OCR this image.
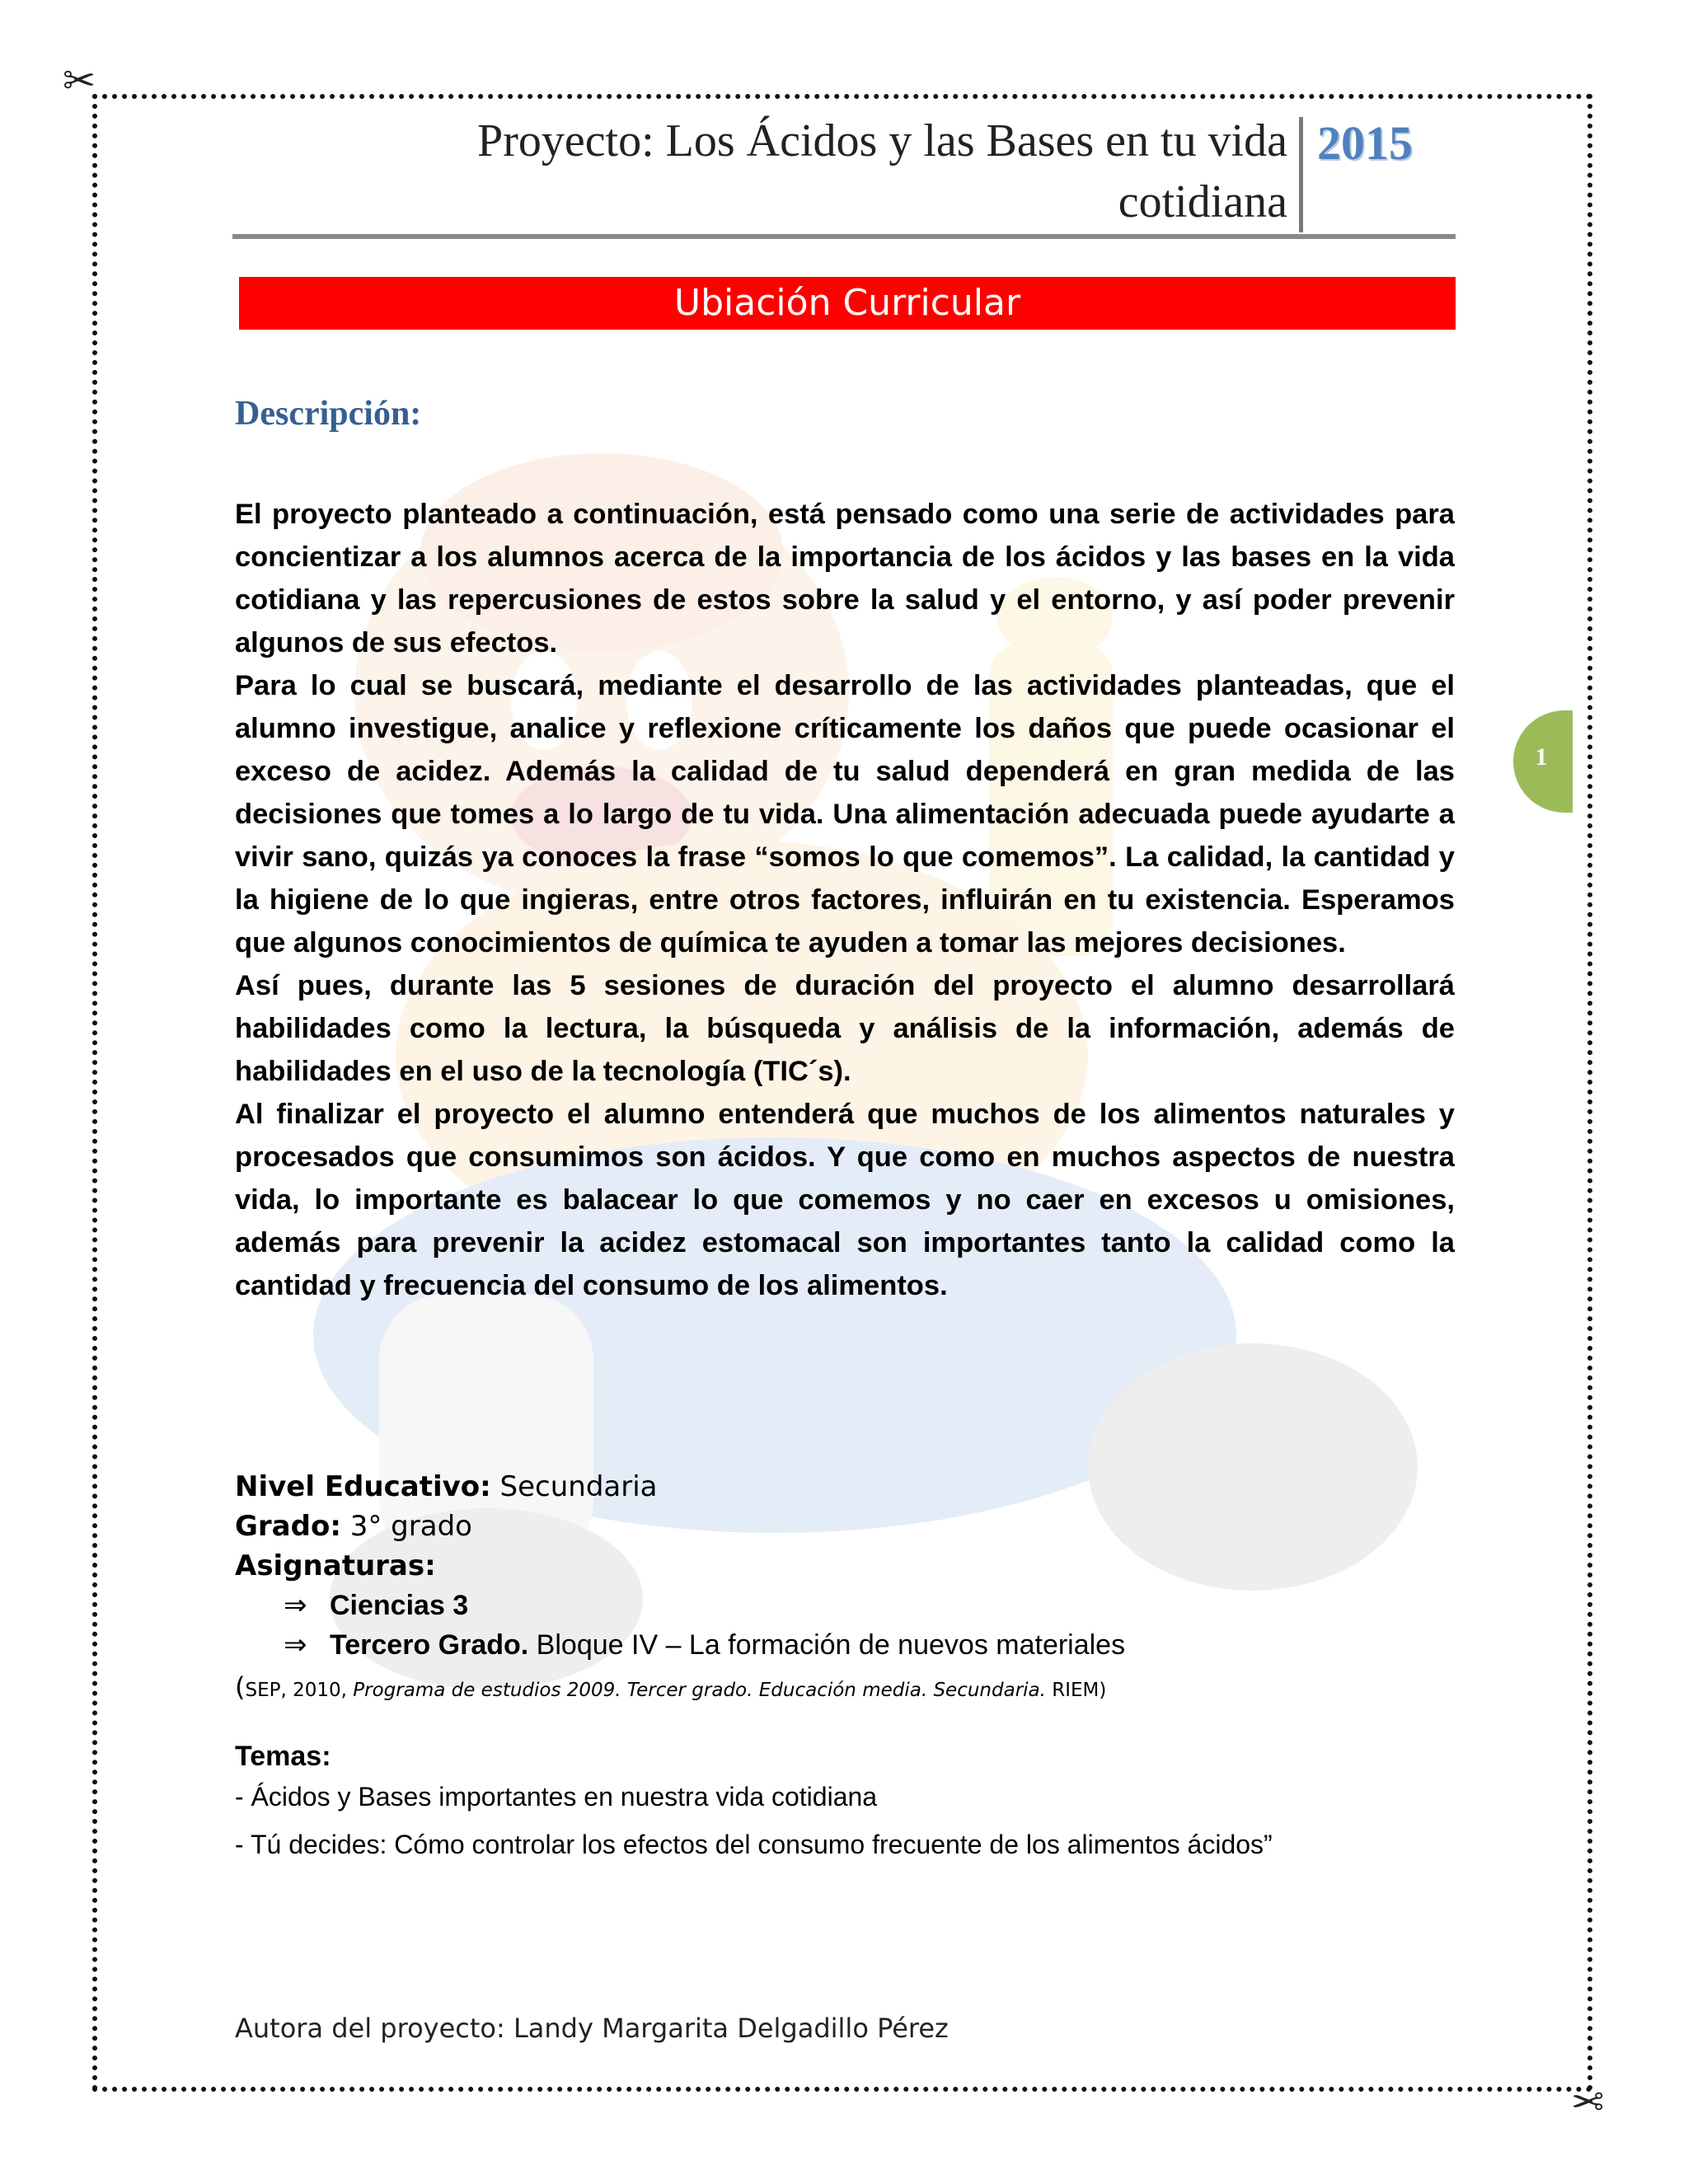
✂
✂
Proyecto: Los Ácidos y las Bases en tu vida
cotidiana
2015
Ubiación Curricular
1
Descripción:

El proyecto planteado a continuación, está pensado como una serie de actividades para concientizar a los alumnos acerca de la importancia de los ácidos y las bases en la vida cotidiana y las repercusiones de estos sobre la salud y el entorno, y así poder prevenir algunos de sus efectos.

Para lo cual se buscará, mediante el desarrollo de las actividades planteadas, que el alumno investigue, analice y reflexione críticamente los daños que puede ocasionar el exceso de acidez. Además la calidad de tu salud dependerá en gran medida de las decisiones que tomes a lo largo de tu vida. Una alimentación adecuada puede ayudarte a vivir sano, quizás ya conoces la frase “somos lo que comemos”. La calidad, la cantidad y la higiene de lo que ingieras, entre otros factores, influirán en tu existencia. Esperamos que algunos conocimientos de química te ayuden a tomar las mejores decisiones.

Así pues, durante las 5 sesiones de duración del proyecto el alumno desarrollará habilidades como la lectura, la búsqueda y análisis de la información, además de habilidades en el uso de la tecnología (TIC´s).

Al finalizar el proyecto el alumno entenderá que muchos de los alimentos naturales y procesados que consumimos son ácidos. Y que como en muchos aspectos de nuestra vida, lo importante es balacear lo que comemos y no caer en excesos u omisiones, además para prevenir la acidez estomacal son importantes tanto la calidad como la cantidad y frecuencia del consumo de los alimentos.

Nivel Educativo: Secundaria
Grado: 3° grado
Asignaturas:
⇒ Ciencias 3
⇒ Tercero Grado. Bloque IV – La formación de nuevos materiales
(SEP, 2010, Programa de estudios 2009. Tercer grado. Educación media. Secundaria. RIEM)
Temas:
- Ácidos y Bases importantes en nuestra vida cotidiana
- Tú decides: Cómo controlar los efectos del consumo frecuente de los alimentos ácidos”
Autora del proyecto: Landy Margarita Delgadillo Pérez
